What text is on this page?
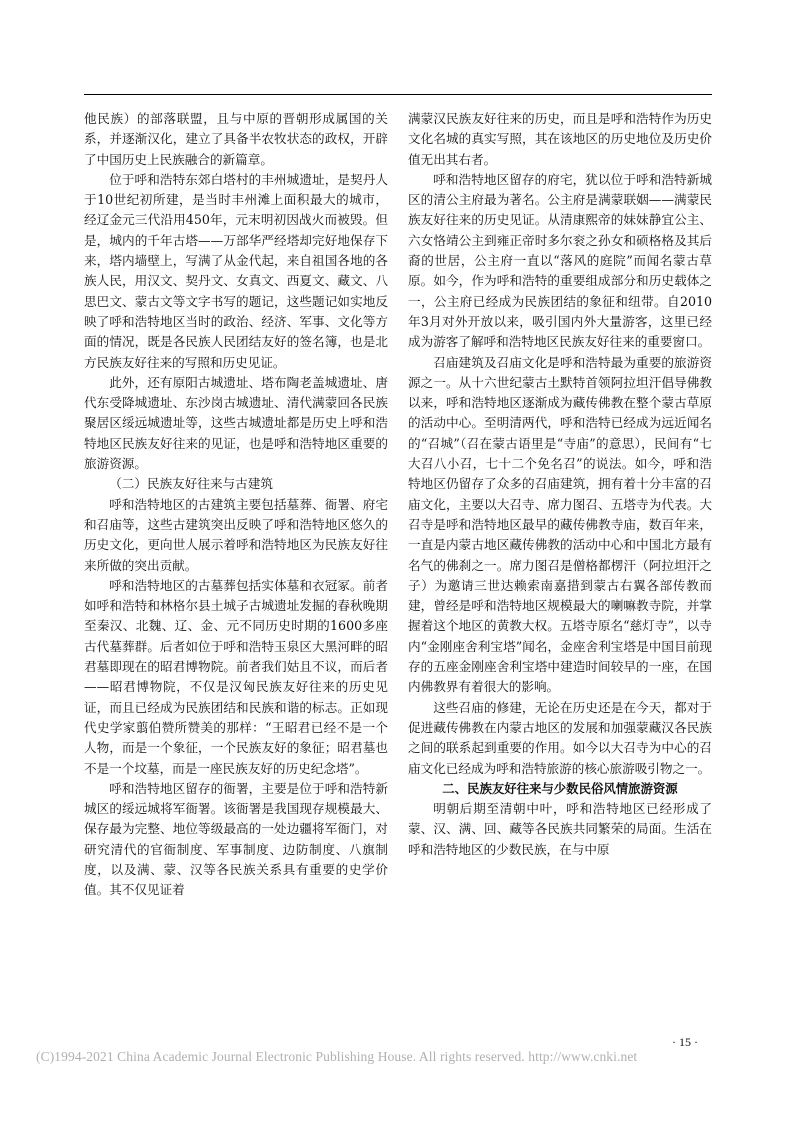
他民族）的部落联盟，且与中原的晋朝形成属国的关系，并逐渐汉化，建立了具备半农牧状态的政权，开辟了中国历史上民族融合的新篇章。

位于呼和浩特东郊白塔村的丰州城遗址，是契丹人于10世纪初所建，是当时丰州滩上面积最大的城市，经辽金元三代沿用450年，元末明初因战火而被毁。但是，城内的千年古塔——万部华严经塔却完好地保存下来，塔内墙壁上，写满了从金代起，来自祖国各地的各族人民，用汉文、契丹文、女真文、西夏文、藏文、八思巴文、蒙古文等文字书写的题记，这些题记如实地反映了呼和浩特地区当时的政治、经济、军事、文化等方面的情况，既是各民族人民团结友好的签名簿，也是北方民族友好往来的写照和历史见证。

此外，还有原阳古城遗址、塔布陶老盖城遗址、唐代东受降城遗址、东沙岗古城遗址、清代满蒙回各民族聚居区绥远城遗址等，这些古城遗址都是历史上呼和浩特地区民族友好往来的见证，也是呼和浩特地区重要的旅游资源。

（二）民族友好往来与古建筑

呼和浩特地区的古建筑主要包括墓葬、衙署、府宅和召庙等，这些古建筑突出反映了呼和浩特地区悠久的历史文化，更向世人展示着呼和浩特地区为民族友好往来所做的突出贡献。

呼和浩特地区的古墓葬包括实体墓和衣冠冢。前者如呼和浩特和林格尔县土城子古城遗址发掘的春秋晚期至秦汉、北魏、辽、金、元不同历史时期的1600多座古代墓葬群。后者如位于呼和浩特玉泉区大黑河畔的昭君墓即现在的昭君博物院。前者我们姑且不议，而后者——昭君博物院，不仅是汉匈民族友好往来的历史见证，而且已经成为民族团结和民族和谐的标志。正如现代史学家翦伯赞所赞美的那样：“王昭君已经不是一个人物，而是一个象征，一个民族友好的象征；昭君墓也不是一个坟墓，而是一座民族友好的历史纪念塔”。

呼和浩特地区留存的衙署，主要是位于呼和浩特新城区的绥远城将军衙署。该衙署是我国现存规模最大、保存最为完整、地位等级最高的一处边疆将军衙门，对研究清代的官衙制度、军事制度、边防制度、八旗制度，以及满、蒙、汉等各民族关系具有重要的史学价值。其不仅见证着

满蒙汉民族友好往来的历史，而且是呼和浩特作为历史文化名城的真实写照，其在该地区的历史地位及历史价值无出其右者。

呼和浩特地区留存的府宅，犹以位于呼和浩特新城区的清公主府最为著名。公主府是满蒙联姻——满蒙民族友好往来的历史见证。从清康熙帝的妹妹静宜公主、六女恪靖公主到雍正帝时多尔衮之孙女和硕格格及其后裔的世居，公主府一直以“落风的庭院”而闻名蒙古草原。如今，作为呼和浩特的重要组成部分和历史载体之一，公主府已经成为民族团结的象征和纽带。自2010年3月对外开放以来，吸引国内外大量游客，这里已经成为游客了解呼和浩特地区民族友好往来的重要窗口。

召庙建筑及召庙文化是呼和浩特最为重要的旅游资源之一。从十六世纪蒙古土默特首领阿拉坦汗倡导佛教以来，呼和浩特地区逐渐成为藏传佛教在整个蒙古草原的活动中心。至明清两代，呼和浩特已经成为远近闻名的“召城”（召在蒙古语里是“寺庙”的意思），民间有“七大召八小召，七十二个免名召”的说法。如今，呼和浩特地区仍留存了众多的召庙建筑，拥有着十分丰富的召庙文化，主要以大召寺、席力图召、五塔寺为代表。大召寺是呼和浩特地区最早的藏传佛教寺庙，数百年来，一直是内蒙古地区藏传佛教的活动中心和中国北方最有名气的佛刹之一。席力图召是僧格都楞汗（阿拉坦汗之子）为邀请三世达赖索南嘉措到蒙古右翼各部传教而建，曾经是呼和浩特地区规模最大的喇嘛教寺院，并掌握着这个地区的黄教大权。五塔寺原名“慈灯寺”，以寺内“金刚座舍利宝塔”闻名，金座舍利宝塔是中国目前现存的五座金刚座舍利宝塔中建造时间较早的一座，在国内佛教界有着很大的影响。

这些召庙的修建，无论在历史还是在今天，都对于促进藏传佛教在内蒙古地区的发展和加强蒙藏汉各民族之间的联系起到重要的作用。如今以大召寺为中心的召庙文化已经成为呼和浩特旅游的核心旅游吸引物之一。

二、民族友好往来与少数民俗风情旅游资源

明朝后期至清朝中叶，呼和浩特地区已经形成了蒙、汉、满、回、藏等各民族共同繁荣的局面。生活在呼和浩特地区的少数民族，在与中原

· 15 ·
(C)1994-2021 China Academic Journal Electronic Publishing House. All rights reserved. http://www.cnki.net
